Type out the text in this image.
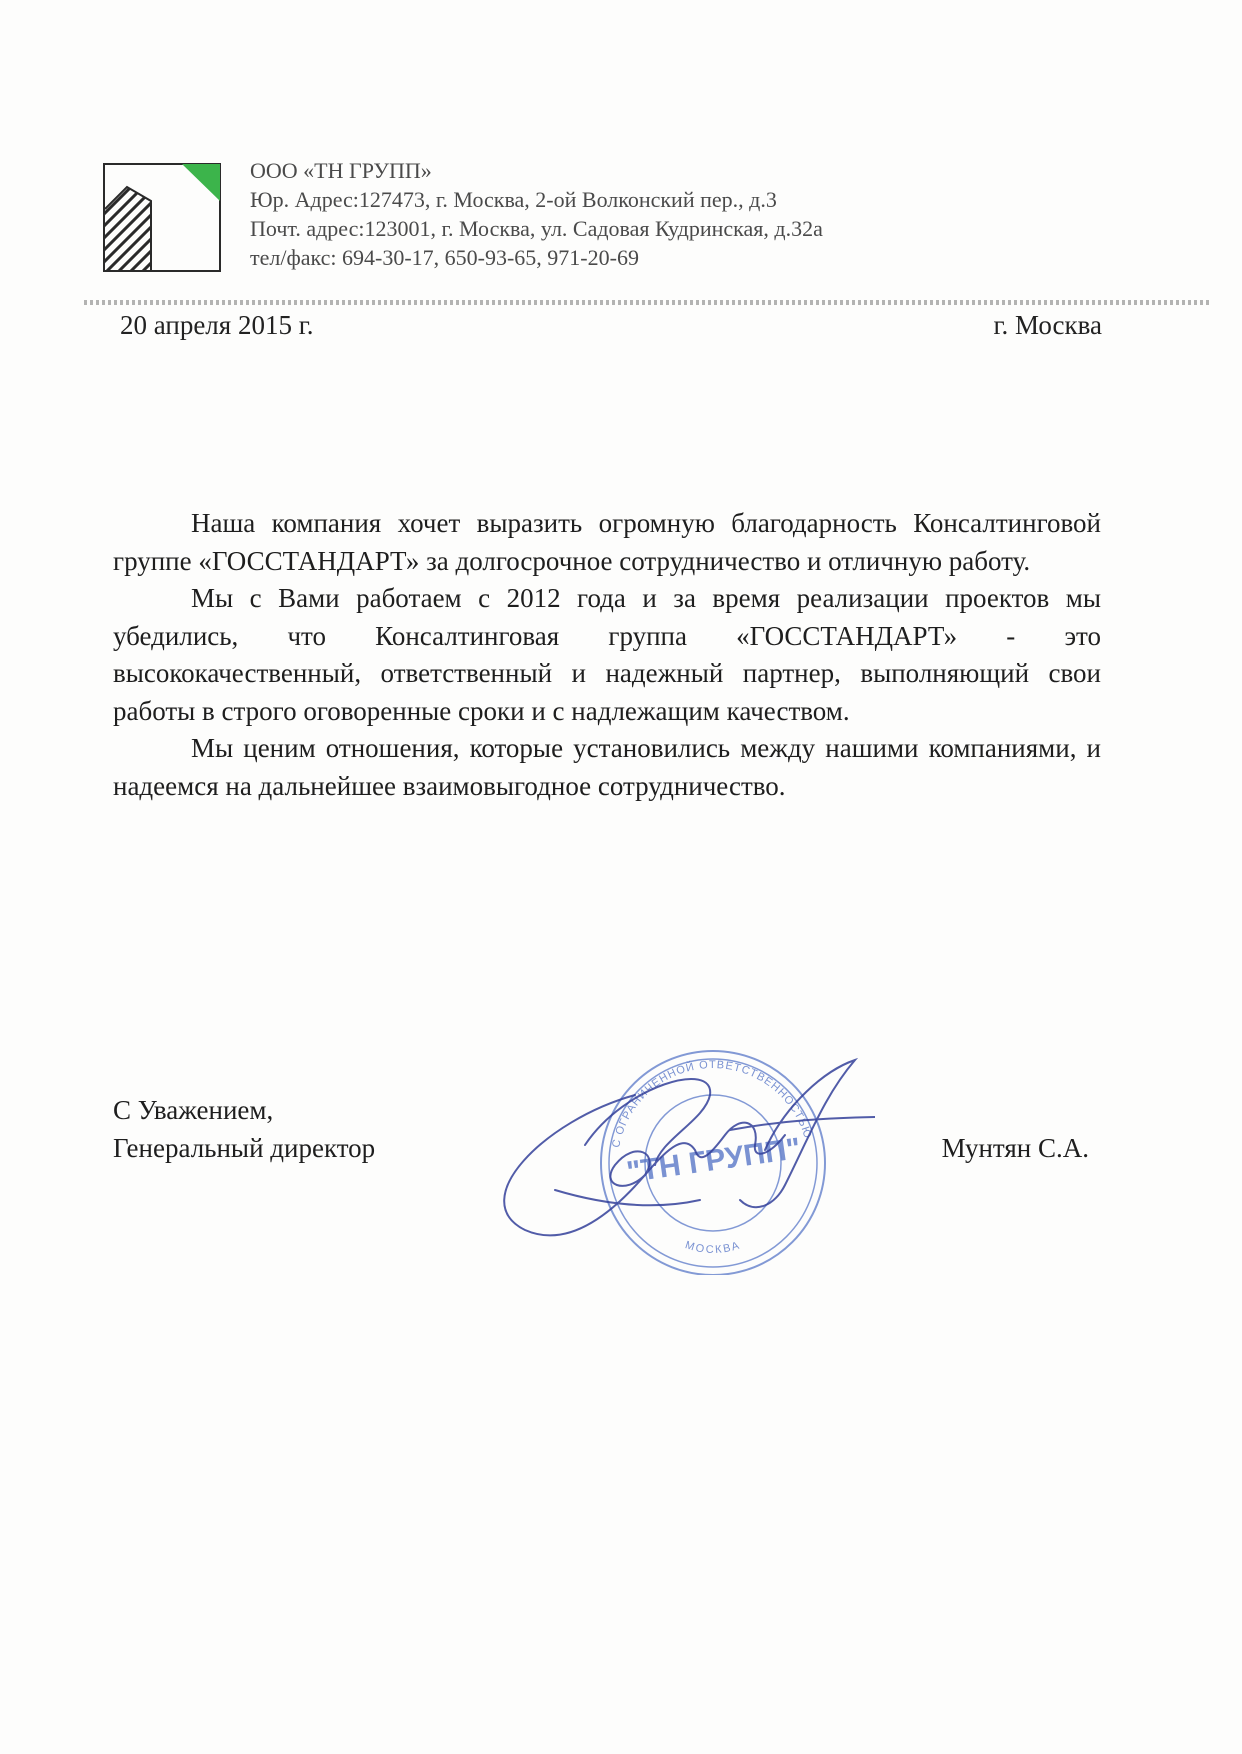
ООО «ТН ГРУПП»
Юр. Адрес:127473, г. Москва, 2-ой Волконский пер., д.3
Почт. адрес:123001, г. Москва, ул. Садовая Кудринская, д.32а
тел/факс: 694-30-17, 650-93-65, 971-20-69
20 апреля 2015 г.	г. Москва

Наша компания хочет выразить огромную благодарность Консалтинговой группе «ГОССТАНДАРТ» за долгосрочное сотрудничество и отличную работу.

Мы с Вами работаем с 2012 года и за время реализации проектов мы убедились, что Консалтинговая группа «ГОССТАНДАРТ» - это высококачественный, ответственный и надежный партнер, выполняющий свои работы в строго оговоренные сроки и с надлежащим качеством.

Мы ценим отношения, которые установились между нашими компаниями, и надеемся на дальнейшее взаимовыгодное сотрудничество.

С Уважением,
Генеральный директор	С ОГРАНИЧЕННОЙ ОТВЕТСТВЕННОСТЬЮ
МОСКВА
"ТН ГРУПП"	Мунтян С.А.
